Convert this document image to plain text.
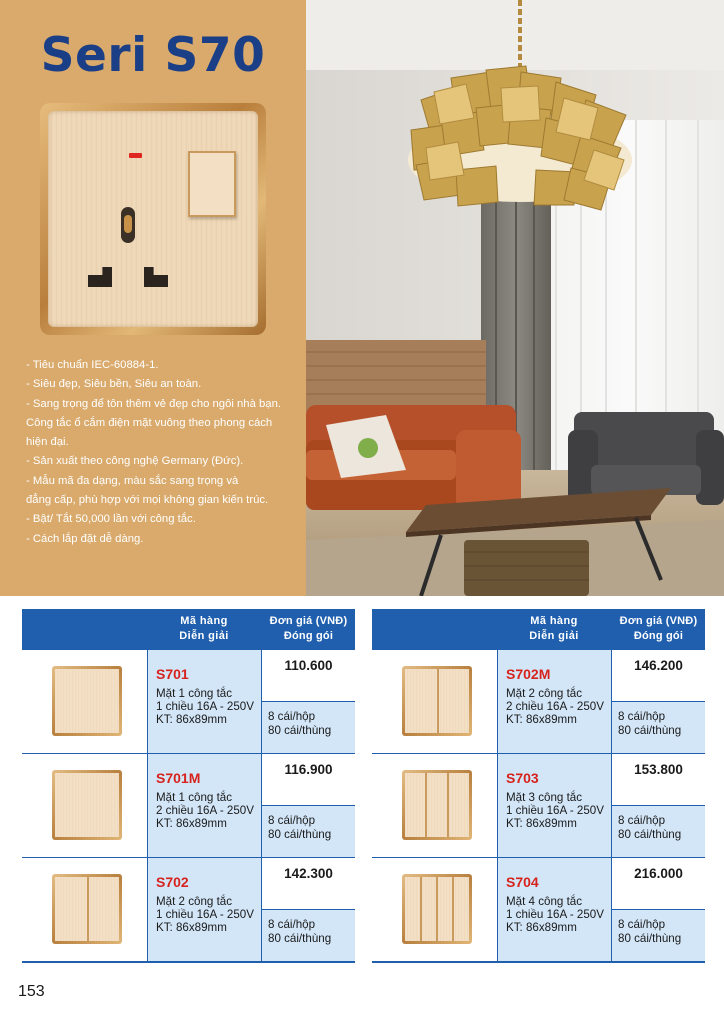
Seri S70
- Tiêu chuẩn IEC-60884-1.
- Siêu đẹp, Siêu bền, Siêu an toàn.
- Sang trọng để tôn thêm vẻ đẹp cho ngôi nhà bạn.
Công tắc ổ cắm điện mặt vuông theo phong cách
hiện đại.
- Sản xuất theo công nghệ Germany (Đức).
- Mẫu mã đa dạng, màu sắc sang trọng và
đẳng cấp, phù hợp với mọi không gian kiến trúc.
- Bật/ Tắt 50,000 lần với công tắc.
- Cách lắp đặt dễ dàng.
Mã hàng
Diễn giải
Đơn giá (VNĐ)
Đóng gói
S701
Mặt 1 công tắc
1 chiều 16A - 250V
KT: 86x89mm
110.600
8 cái/hộp
80 cái/thùng
S701M
Mặt 1 công tắc
2 chiều 16A - 250V
KT: 86x89mm
116.900
8 cái/hộp
80 cái/thùng
S702
Mặt 2 công tắc
1 chiều 16A - 250V
KT: 86x89mm
142.300
8 cái/hộp
80 cái/thùng
Mã hàng
Diễn giải
Đơn giá (VNĐ)
Đóng gói
S702M
Mặt 2 công tắc
2 chiều 16A - 250V
KT: 86x89mm
146.200
8 cái/hộp
80 cái/thùng
S703
Mặt 3 công tắc
1 chiều 16A - 250V
KT: 86x89mm
153.800
8 cái/hộp
80 cái/thùng
S704
Mặt 4 công tắc
1 chiều 16A - 250V
KT: 86x89mm
216.000
8 cái/hộp
80 cái/thùng
153
